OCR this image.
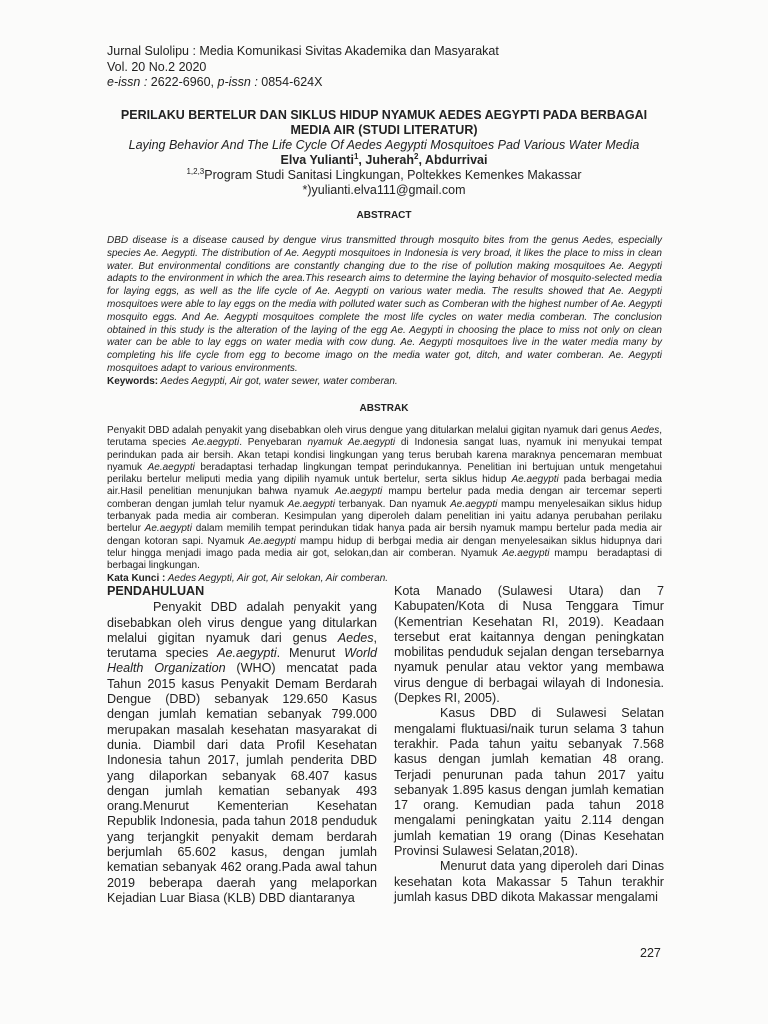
Jurnal Sulolipu : Media Komunikasi Sivitas Akademika dan Masyarakat
Vol. 20 No.2 2020
e-issn : 2622-6960, p-issn : 0854-624X
PERILAKU BERTELUR DAN SIKLUS HIDUP NYAMUK AEDES AEGYPTI PADA BERBAGAI
MEDIA AIR (STUDI LITERATUR)
Laying Behavior And The Life Cycle Of Aedes Aegypti Mosquitoes Pad Various Water Media
Elva Yulianti$^1$, Juherah$^2$, Abdurrivai
$^{1,2,3}$Program Studi Sanitasi Lingkungan, Poltekkes Kemenkes Makassar
*)yulianti.elva111@gmail.com
ABSTRACT
DBD disease is a disease caused by dengue virus transmitted through mosquito bites from the genus Aedes, especially species Ae. Aegypti. The distribution of Ae. Aegypti mosquitoes in Indonesia is very broad, it likes the place to miss in clean water. But environmental conditions are constantly changing due to the rise of pollution making mosquitoes Ae. Aegypti adapts to the environment in which the area.This research aims to determine the laying behavior of mosquito-selected media for laying eggs, as well as the life cycle of Ae. Aegypti on various water media. The results showed that Ae. Aegypti mosquitoes were able to lay eggs on the media with polluted water such as Comberan with the highest number of Ae. Aegypti mosquito eggs. And Ae. Aegypti mosquitoes complete the most life cycles on water media comberan. The conclusion obtained in this study is the alteration of the laying of the egg Ae. Aegypti in choosing the place to miss not only on clean water can be able to lay eggs on water media with cow dung. Ae. Aegypti mosquitoes live in the water media many by completing his life cycle from egg to become imago on the media water got, ditch, and water comberan. Ae. Aegypti mosquitoes adapt to various environments.
Keywords: Aedes Aegypti, Air got, water sewer, water comberan.
ABSTRAK
Penyakit DBD adalah penyakit yang disebabkan oleh virus dengue yang ditularkan melalui gigitan nyamuk dari genus Aedes, terutama species Ae.aegypti. Penyebaran nyamuk Ae.aegypti di Indonesia sangat luas, nyamuk ini menyukai tempat perindukan pada air bersih. Akan tetapi kondisi lingkungan yang terus berubah karena maraknya pencemaran membuat nyamuk Ae.aegypti beradaptasi terhadap lingkungan tempat perindukannya. Penelitian ini bertujuan untuk mengetahui perilaku bertelur meliputi media yang dipilih nyamuk untuk bertelur, serta siklus hidup Ae.aegypti pada berbagai media air.Hasil penelitian menunjukan bahwa nyamuk Ae.aegypti mampu bertelur pada media dengan air tercemar seperti comberan dengan jumlah telur nyamuk Ae.aegypti terbanyak. Dan nyamuk Ae.aegypti mampu menyelesaikan siklus hidup terbanyak pada media air comberan. Kesimpulan yang diperoleh dalam penelitian ini yaitu adanya perubahan perilaku bertelur Ae.aegypti dalam memilih tempat perindukan tidak hanya pada air bersih nyamuk mampu bertelur pada media air dengan kotoran sapi. Nyamuk Ae.aegypti mampu hidup di berbgai media air dengan menyelesaikan siklus hidupnya dari telur hingga menjadi imago pada media air got, selokan,dan air comberan. Nyamuk Ae.aegypti mampu  beradaptasi di berbagai lingkungan.
Kata Kunci : Aedes Aegypti, Air got, Air selokan, Air comberan.
PENDAHULUAN

Penyakit DBD adalah penyakit yang disebabkan oleh virus dengue yang ditularkan melalui gigitan nyamuk dari genus Aedes, terutama species Ae.aegypti. Menurut World Health Organization (WHO) mencatat pada Tahun 2015 kasus Penyakit Demam Berdarah Dengue (DBD) sebanyak 129.650 Kasus dengan jumlah kematian sebanyak 799.000 merupakan masalah kesehatan masyarakat di dunia. Diambil dari data Profil Kesehatan Indonesia tahun 2017, jumlah penderita DBD yang dilaporkan sebanyak 68.407 kasus dengan jumlah kematian sebanyak 493 orang.Menurut Kementerian Kesehatan Republik Indonesia, pada tahun 2018 penduduk yang terjangkit penyakit demam berdarah berjumlah 65.602 kasus, dengan jumlah kematian sebanyak 462 orang.Pada awal tahun 2019 beberapa daerah yang melaporkan Kejadian Luar Biasa (KLB) DBD diantaranya

Kota Manado (Sulawesi Utara) dan 7 Kabupaten/Kota di Nusa Tenggara Timur (Kementrian Kesehatan RI, 2019). Keadaan tersebut erat kaitannya dengan peningkatan mobilitas penduduk sejalan dengan tersebarnya nyamuk penular atau vektor yang membawa virus dengue di berbagai wilayah di Indonesia. (Depkes RI, 2005).

Kasus DBD di Sulawesi Selatan mengalami fluktuasi/naik turun selama 3 tahun terakhir. Pada tahun yaitu sebanyak 7.568 kasus dengan jumlah kematian 48 orang. Terjadi penurunan pada tahun 2017 yaitu sebanyak 1.895 kasus dengan jumlah kematian 17 orang. Kemudian pada tahun 2018 mengalami peningkatan yaitu 2.114 dengan jumlah kematian 19 orang (Dinas Kesehatan Provinsi Sulawesi Selatan,2018).

Menurut data yang diperoleh dari Dinas kesehatan kota Makassar 5 Tahun terakhir jumlah kasus DBD dikota Makassar mengalami

227
